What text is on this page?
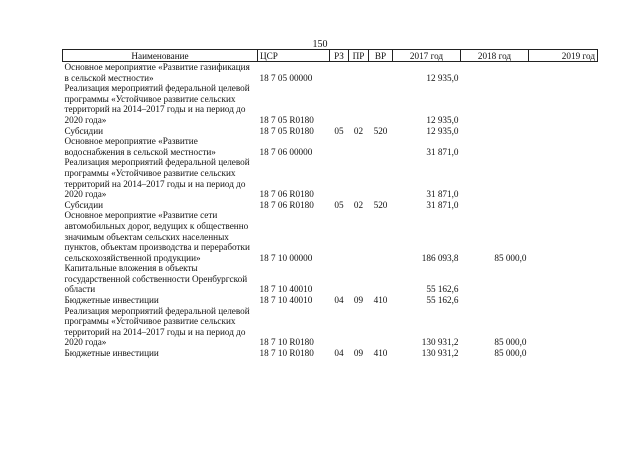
150
Наименование	ЦСР	РЗ	ПР	ВР	2017 год	2018 год	2019 год
Основное мероприятие «Развитие газификация в сельской местности»	18 7 05 00000				12 935,0		
Реализация мероприятий федеральной целевой программы «Устойчивое развитие сельских территорий на 2014–2017 годы и на период до 2020 года»	18 7 05 R0180				12 935,0		
Субсидии	18 7 05 R0180	05	02	520	12 935,0		
Основное мероприятие «Развитие водоснабжения в сельской местности»	18 7 06 00000				31 871,0		
Реализация мероприятий федеральной целевой программы «Устойчивое развитие сельских территорий на 2014–2017 годы и на период до 2020 года»	18 7 06 R0180				31 871,0		
Субсидии	18 7 06 R0180	05	02	520	31 871,0		
Основное мероприятие «Развитие сети автомобильных дорог, ведущих к общественно значимым объектам сельских населенных пунктов, объектам производства и переработки сельскохозяйственной продукции»	18 7 10 00000				186 093,8	85 000,0	
Капитальные вложения в объекты государственной собственности Оренбургской области	18 7 10 40010				55 162,6		
Бюджетные инвестиции	18 7 10 40010	04	09	410	55 162,6		
Реализация мероприятий федеральной целевой программы «Устойчивое развитие сельских территорий на 2014–2017 годы и на период до 2020 года»	18 7 10 R0180				130 931,2	85 000,0	
Бюджетные инвестиции	18 7 10 R0180	04	09	410	130 931,2	85 000,0	
